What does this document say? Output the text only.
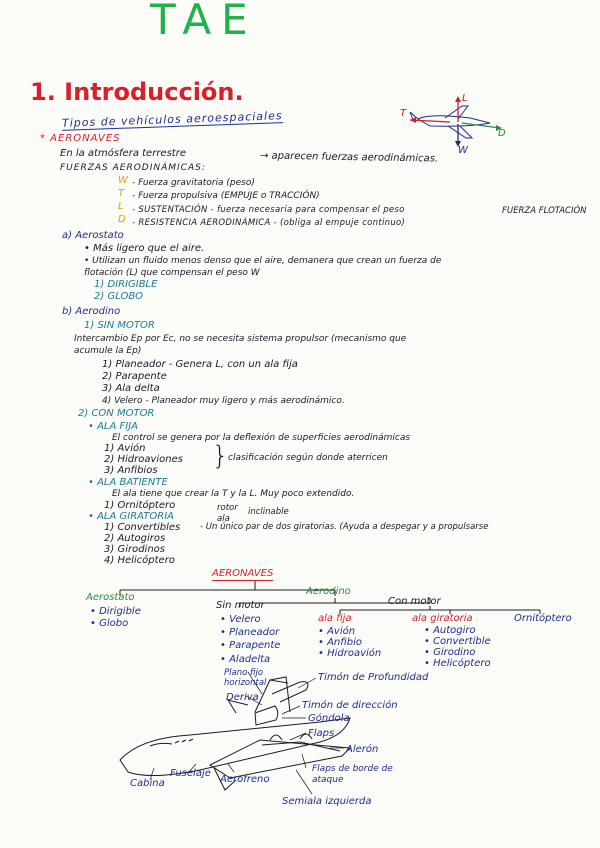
TAE
1. Introducción.
Tipos de vehículos aeroespaciales	T
L
D
W
* AERONAVES
En la atmósfera terrestre	→ aparecen fuerzas aerodinámicas.
FUERZAS AERODINÁMICAS:
W - Fuerza gravitatoria (peso)
T - Fuerza propulsiva (EMPUJE o TRACCIÓN)
L - SUSTENTACIÓN - fuerza necesaria para compensar el peso	FUERZA FLOTACIÓN
D - RESISTENCIA AERODINÁMICA - (obliga al empuje continuo)
a) Aerostato
• Más ligero que el aire.
• Utilizan un fluido menos denso que el aire, demanera que crean un fuerza de
flotación (L) que compensan el peso W
1) DIRIGIBLE
2) GLOBO
b) Aerodino
1) SIN MOTOR
Intercambio Ep por Ec, no se necesita sistema propulsor (mecanismo que
acumule la Ep)
1) Planeador - Genera L, con un ala fija
2) Parapente
3) Ala delta
4) Velero - Planeador muy ligero y más aerodinámico.
2) CON MOTOR
• ALA FIJA
El control se genera por la deflexión de superficies aerodinámicas
1) Avión
2) Hidroaviones
3) Anfibios } clasificación según donde aterricen
• ALA BATIENTE
El ala tiene que crear la T y la L. Muy poco extendido.
1) Ornitóptero
• ALA GIRATORIA
rotor
ala
inclinable
1) Convertibles - Un único par de dos giratorias. (Ayuda a despegar y a propulsarse
2) Autogiros
3) Girodinos
4) Helicóptero
AERONAVES
Aerostato
Aerodino
• Dirigible
• Globo
Sin motor
• Velero
• Planeador
• Parapente
• Aladelta
Con motor
ala fija
• Avión
• Anfibio
• Hidroavión
ala giratoria
• Autogiro
• Convertible
• Girodino
• Helicóptero
Ornitóptero
Plano fijo horizontal
Deriva
Timón de Profundidad
Timón de dirección
Góndola
Flaps
Alerón
Flaps de borde de ataque
Semiala izquierda
Aerofreno
Fuselaje
Cabina
